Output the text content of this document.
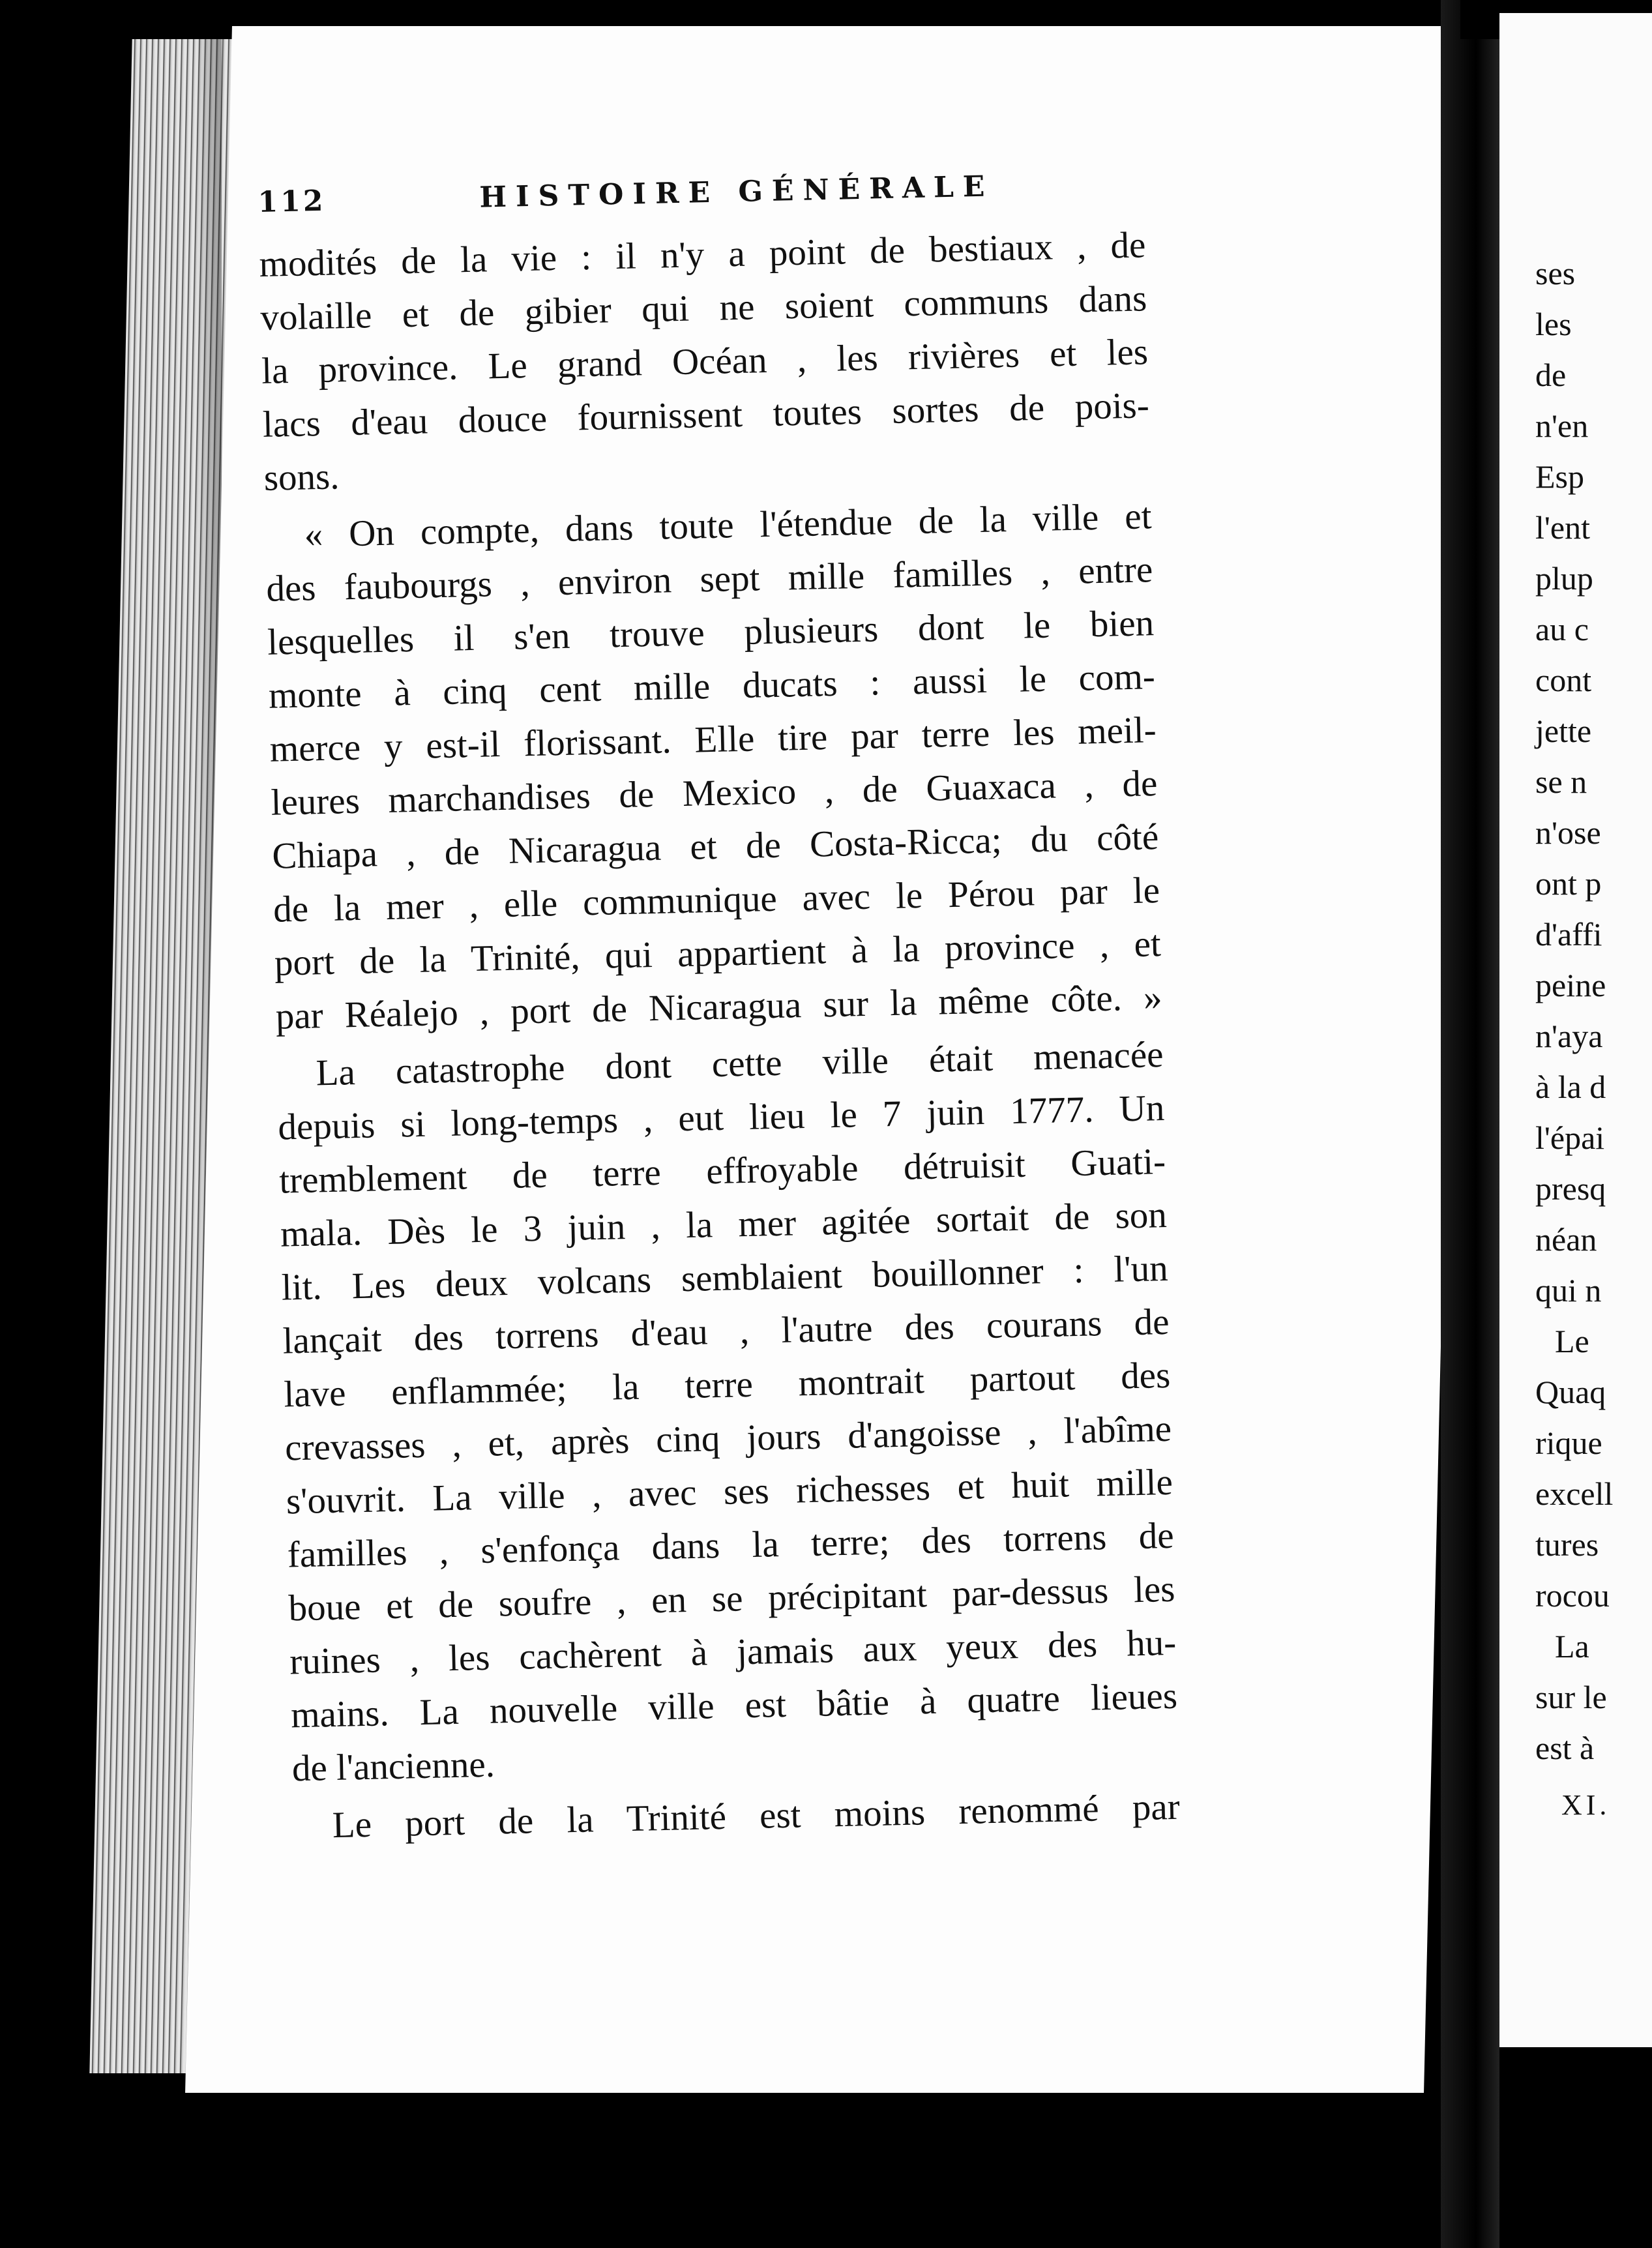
112	HISTOIRE GÉNÉRALE
modités de la vie : il n'y a point de bestiaux , de
volaille et de gibier qui ne soient communs dans
la province. Le grand Océan , les rivières et les
lacs d'eau douce fournissent toutes sortes de pois-
sons.
« On compte, dans toute l'étendue de la ville et
des faubourgs , environ sept mille familles , entre
lesquelles il s'en trouve plusieurs dont le bien
monte à cinq cent mille ducats : aussi le com-
merce y est-il florissant. Elle tire par terre les meil-
leures marchandises de Mexico , de Guaxaca , de
Chiapa , de Nicaragua et de Costa-Ricca; du côté
de la mer , elle communique avec le Pérou par le
port de la Trinité, qui appartient à la province , et
par Réalejo , port de Nicaragua sur la même côte. »
La catastrophe dont cette ville était menacée
depuis si long-temps , eut lieu le 7 juin 1777. Un
tremblement de terre effroyable détruisit Guati-
mala. Dès le 3 juin , la mer agitée sortait de son
lit. Les deux volcans semblaient bouillonner : l'un
lançait des torrens d'eau , l'autre des courans de
lave enflammée; la terre montrait partout des
crevasses , et, après cinq jours d'angoisse , l'abîme
s'ouvrit. La ville , avec ses richesses et huit mille
familles , s'enfonça dans la terre; des torrens de
boue et de soufre , en se précipitant par-dessus les
ruines , les cachèrent à jamais aux yeux des hu-
mains. La nouvelle ville est bâtie à quatre lieues
de l'ancienne.
Le port de la Trinité est moins renommé par
ses
les
de
n'en
Esp
l'ent
plup
au c
cont
jette
se n
n'ose
ont p
d'affi
peine
n'aya
à la d
l'épai
presq
néan
qui n
Le
Quaq
rique
excell
tures
rocou
La
sur le
est à
XI.
